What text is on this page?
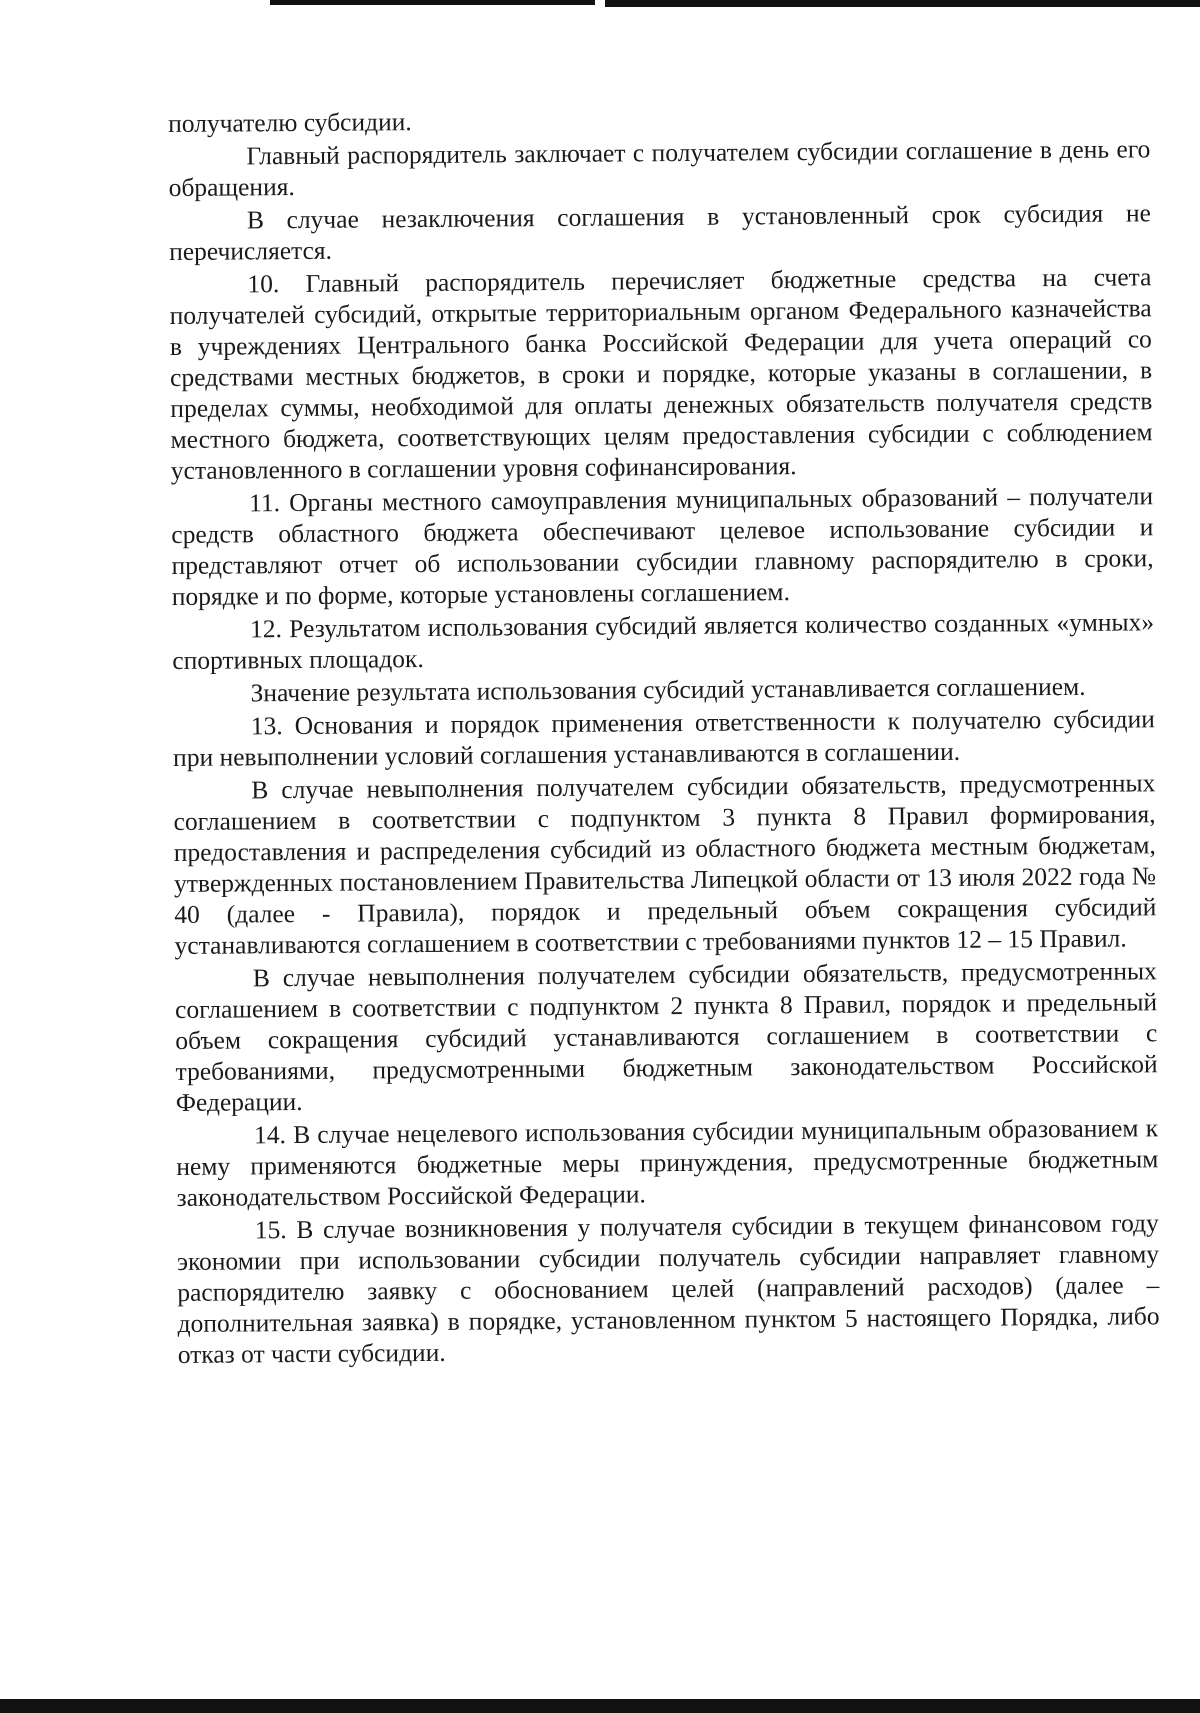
получателю субсидии.

Главный распорядитель заключает с получателем субсидии соглашение в день его обращения.

В случае незаключения соглашения в установленный срок субсидия не перечисляется.

10. Главный распорядитель перечисляет бюджетные средства на счета получателей субсидий, открытые территориальным органом Федерального казначейства в учреждениях Центрального банка Российской Федерации для учета операций со средствами местных бюджетов, в сроки и порядке, которые указаны в соглашении, в пределах суммы, необходимой для оплаты денежных обязательств получателя средств местного бюджета, соответствующих целям предоставления субсидии с соблюдением установленного в соглашении уровня софинансирования.

11. Органы местного самоуправления муниципальных образований – получатели средств областного бюджета обеспечивают целевое использование субсидии и представляют отчет об использовании субсидии главному распорядителю в сроки, порядке и по форме, которые установлены соглашением.

12. Результатом использования субсидий является количество созданных «умных» спортивных площадок.

Значение результата использования субсидий устанавливается соглашением.

13. Основания и порядок применения ответственности к получателю субсидии при невыполнении условий соглашения устанавливаются в соглашении.

В случае невыполнения получателем субсидии обязательств, предусмотренных соглашением в соответствии с подпунктом 3 пункта 8 Правил формирования, предоставления и распределения субсидий из областного бюджета местным бюджетам, утвержденных постановлением Правительства Липецкой области от 13 июля 2022 года № 40 (далее - Правила), порядок и предельный объем сокращения субсидий устанавливаются соглашением в соответствии с требованиями пунктов 12 – 15 Правил.

В случае невыполнения получателем субсидии обязательств, предусмотренных соглашением в соответствии с подпунктом 2 пункта 8 Правил, порядок и предельный объем сокращения субсидий устанавливаются соглашением в соответствии с требованиями, предусмотренными бюджетным законодательством Российской Федерации.

14. В случае нецелевого использования субсидии муниципальным образованием к нему применяются бюджетные меры принуждения, предусмотренные бюджетным законодательством Российской Федерации.

15. В случае возникновения у получателя субсидии в текущем финансовом году экономии при использовании субсидии получатель субсидии направляет главному распорядителю заявку с обоснованием целей (направлений расходов) (далее – дополнительная заявка) в порядке, установленном пунктом 5 настоящего Порядка, либо отказ от части субсидии.
